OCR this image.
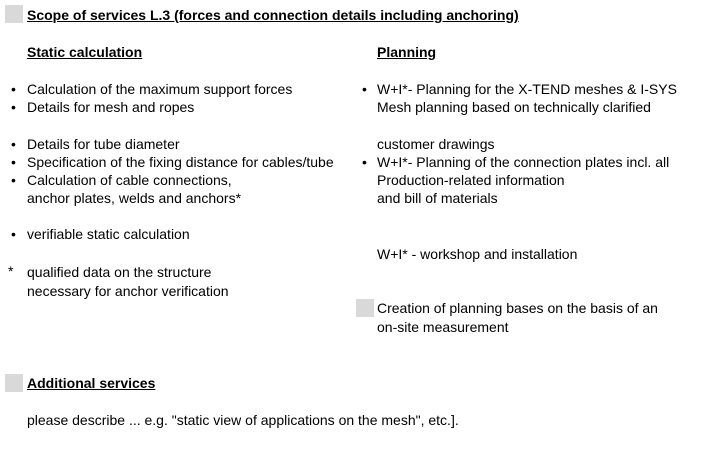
Scope of services L.3 (forces and connection details including anchoring)
Static calculation	Planning
• Calculation of the maximum support forces
• Details for mesh and ropes
• Details for tube diameter
• Specification of the fixing distance for cables/tube
• Calculation of cable connections,
anchor plates, welds and anchors*
• verifiable static calculation
* qualified data on the structure
necessary for anchor verification
• W+I*- Planning for the X-TEND meshes & I-SYS
Mesh planning based on technically clarified
customer drawings
• W+I*- Planning of the connection plates incl. all
Production-related information
and bill of materials
W+I* - workshop and installation
Creation of planning bases on the basis of an
on-site measurement
Additional services
please describe ... e.g. "static view of applications on the mesh", etc.].
